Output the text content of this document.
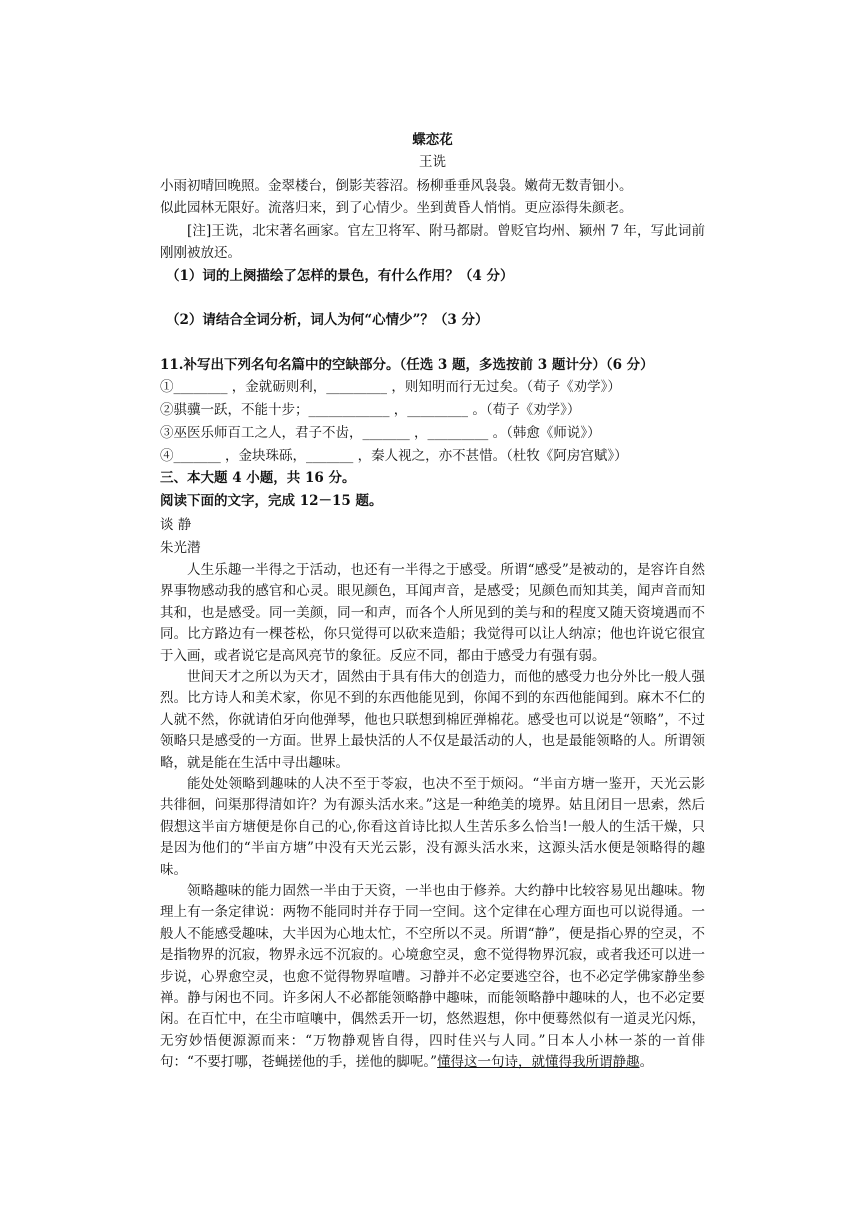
蝶恋花
王诜
小雨初晴回晚照。金翠楼台，倒影芙蓉沼。杨柳垂垂风袅袅。嫩荷无数青钿小。
似此园林无限好。流落归来，到了心情少。坐到黄昏人悄悄。更应添得朱颜老。

[注]王诜，北宋著名画家。官左卫将军、附马都尉。曾贬官均州、颍州 7 年，写此词前刚刚被放还。

（1）词的上阕描绘了怎样的景色，有什么作用？（4 分）
（2）请结合全词分析，词人为何“心情少”？（3 分）
11.补写出下列名句名篇中的空缺部分。（任选 3 题，多选按前 3 题计分）（6 分）
①________ ，金就砺则利，_________ ，则知明而行无过矣。（荀子《劝学》）
②骐骥一跃，不能十步；____________ ，_________ 。（荀子《劝学》）
③巫医乐师百工之人，君子不齿，_______ ，_________ 。（韩愈《师说》）
④_______ ，金块珠砾，_______ ，秦人视之，亦不甚惜。（杜牧《阿房宫赋》）
三、本大题 4 小题，共 16 分。
阅读下面的文字，完成 12－15 题。
谈 静
朱光潜

人生乐趣一半得之于活动，也还有一半得之于感受。所谓“感受”是被动的，是容许自然界事物感动我的感官和心灵。眼见颜色，耳闻声音，是感受；见颜色而知其美，闻声音而知其和，也是感受。同一美颜，同一和声，而各个人所见到的美与和的程度又随天资境遇而不同。比方路边有一棵苍松，你只觉得可以砍来造船；我觉得可以让人纳凉；他也许说它很宜于入画，或者说它是高风亮节的象征。反应不同，都由于感受力有强有弱。

世间天才之所以为天才，固然由于具有伟大的创造力，而他的感受力也分外比一般人强烈。比方诗人和美术家，你见不到的东西他能见到，你闻不到的东西他能闻到。麻木不仁的人就不然，你就请伯牙向他弹琴，他也只联想到棉匠弹棉花。感受也可以说是“领略”，不过领略只是感受的一方面。世界上最快活的人不仅是最活动的人，也是最能领略的人。所谓领略，就是能在生活中寻出趣味。

能处处领略到趣味的人决不至于苓寂，也决不至于烦闷。“半亩方塘一鉴开，天光云影共徘徊，问渠那得清如许？为有源头活水来。”这是一种绝美的境界。姑且闭目一思索，然后假想这半亩方塘便是你自己的心,你看这首诗比拟人生苦乐多么恰当!一般人的生活干燥，只是因为他们的“半亩方塘”中没有天光云影，没有源头活水来，这源头活水便是领略得的趣味。

领略趣味的能力固然一半由于天资，一半也由于修养。大约静中比较容易见出趣味。物理上有一条定律说：两物不能同时并存于同一空间。这个定律在心理方面也可以说得通。一般人不能感受趣味，大半因为心地太忙，不空所以不灵。所谓“静”，便是指心界的空灵，不是指物界的沉寂，物界永远不沉寂的。心境愈空灵，愈不觉得物界沉寂，或者我还可以进一步说，心界愈空灵，也愈不觉得物界喧嘈。习静并不必定要逃空谷，也不必定学佛家静坐参禅。静与闲也不同。许多闲人不必都能领略静中趣味，而能领略静中趣味的人，也不必定要闲。在百忙中，在尘市喧嚷中，偶然丢开一切，悠然遐想，你中便蓦然似有一道灵光闪烁，无穷妙悟便源源而来：“万物静观皆自得，四时佳兴与人同。”日本人小林一茶的一首俳句：“不要打哪，苍蝇搓他的手，搓他的脚呢。”懂得这一句诗，就懂得我所谓静趣。
